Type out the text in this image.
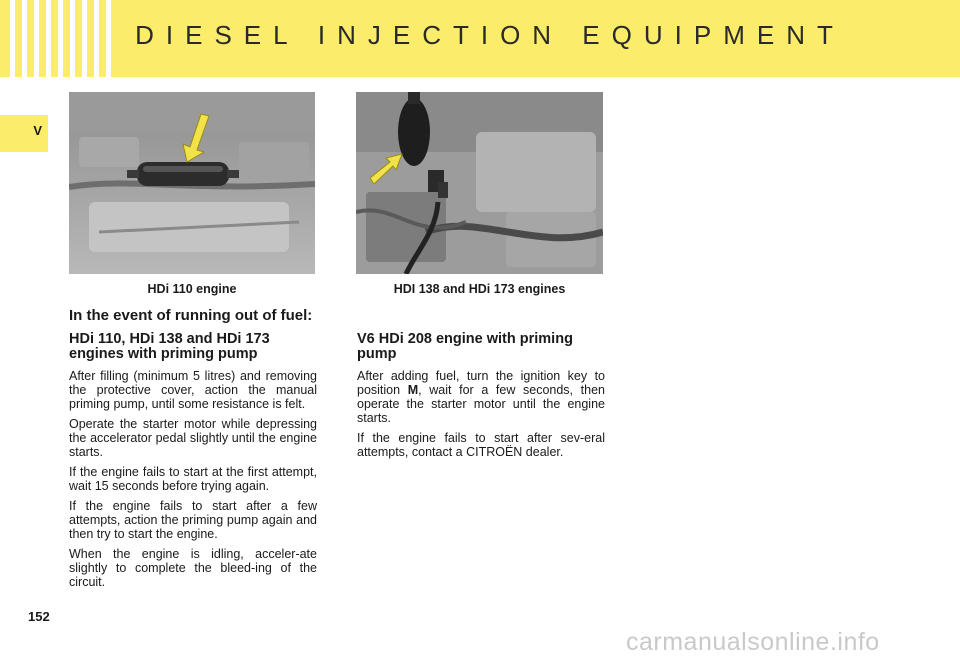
DIESEL INJECTION EQUIPMENT
V
HDi 110 engine	HDI 138 and HDi 173 engines
In the event of running out of fuel:
HDi 110, HDi 138 and HDi 173 engines with priming pump

After filling (minimum 5 litres) and removing the protective cover, action the manual priming pump, until some resistance is felt.

Operate the starter motor while depressing the accelerator pedal slightly until the engine starts.

If the engine fails to start at the first attempt, wait 15 seconds before trying again.

If the engine fails to start after a few attempts, action the priming pump again and then try to start the engine.

When the engine is idling, acceler-ate slightly to complete the bleed-ing of the circuit.

V6 HDi 208 engine with priming pump

After adding fuel, turn the ignition key to position M, wait for a few seconds, then operate the starter motor until the engine starts.

If the engine fails to start after sev-eral attempts, contact a CITROËN dealer.

152
carmanualsonline.info
